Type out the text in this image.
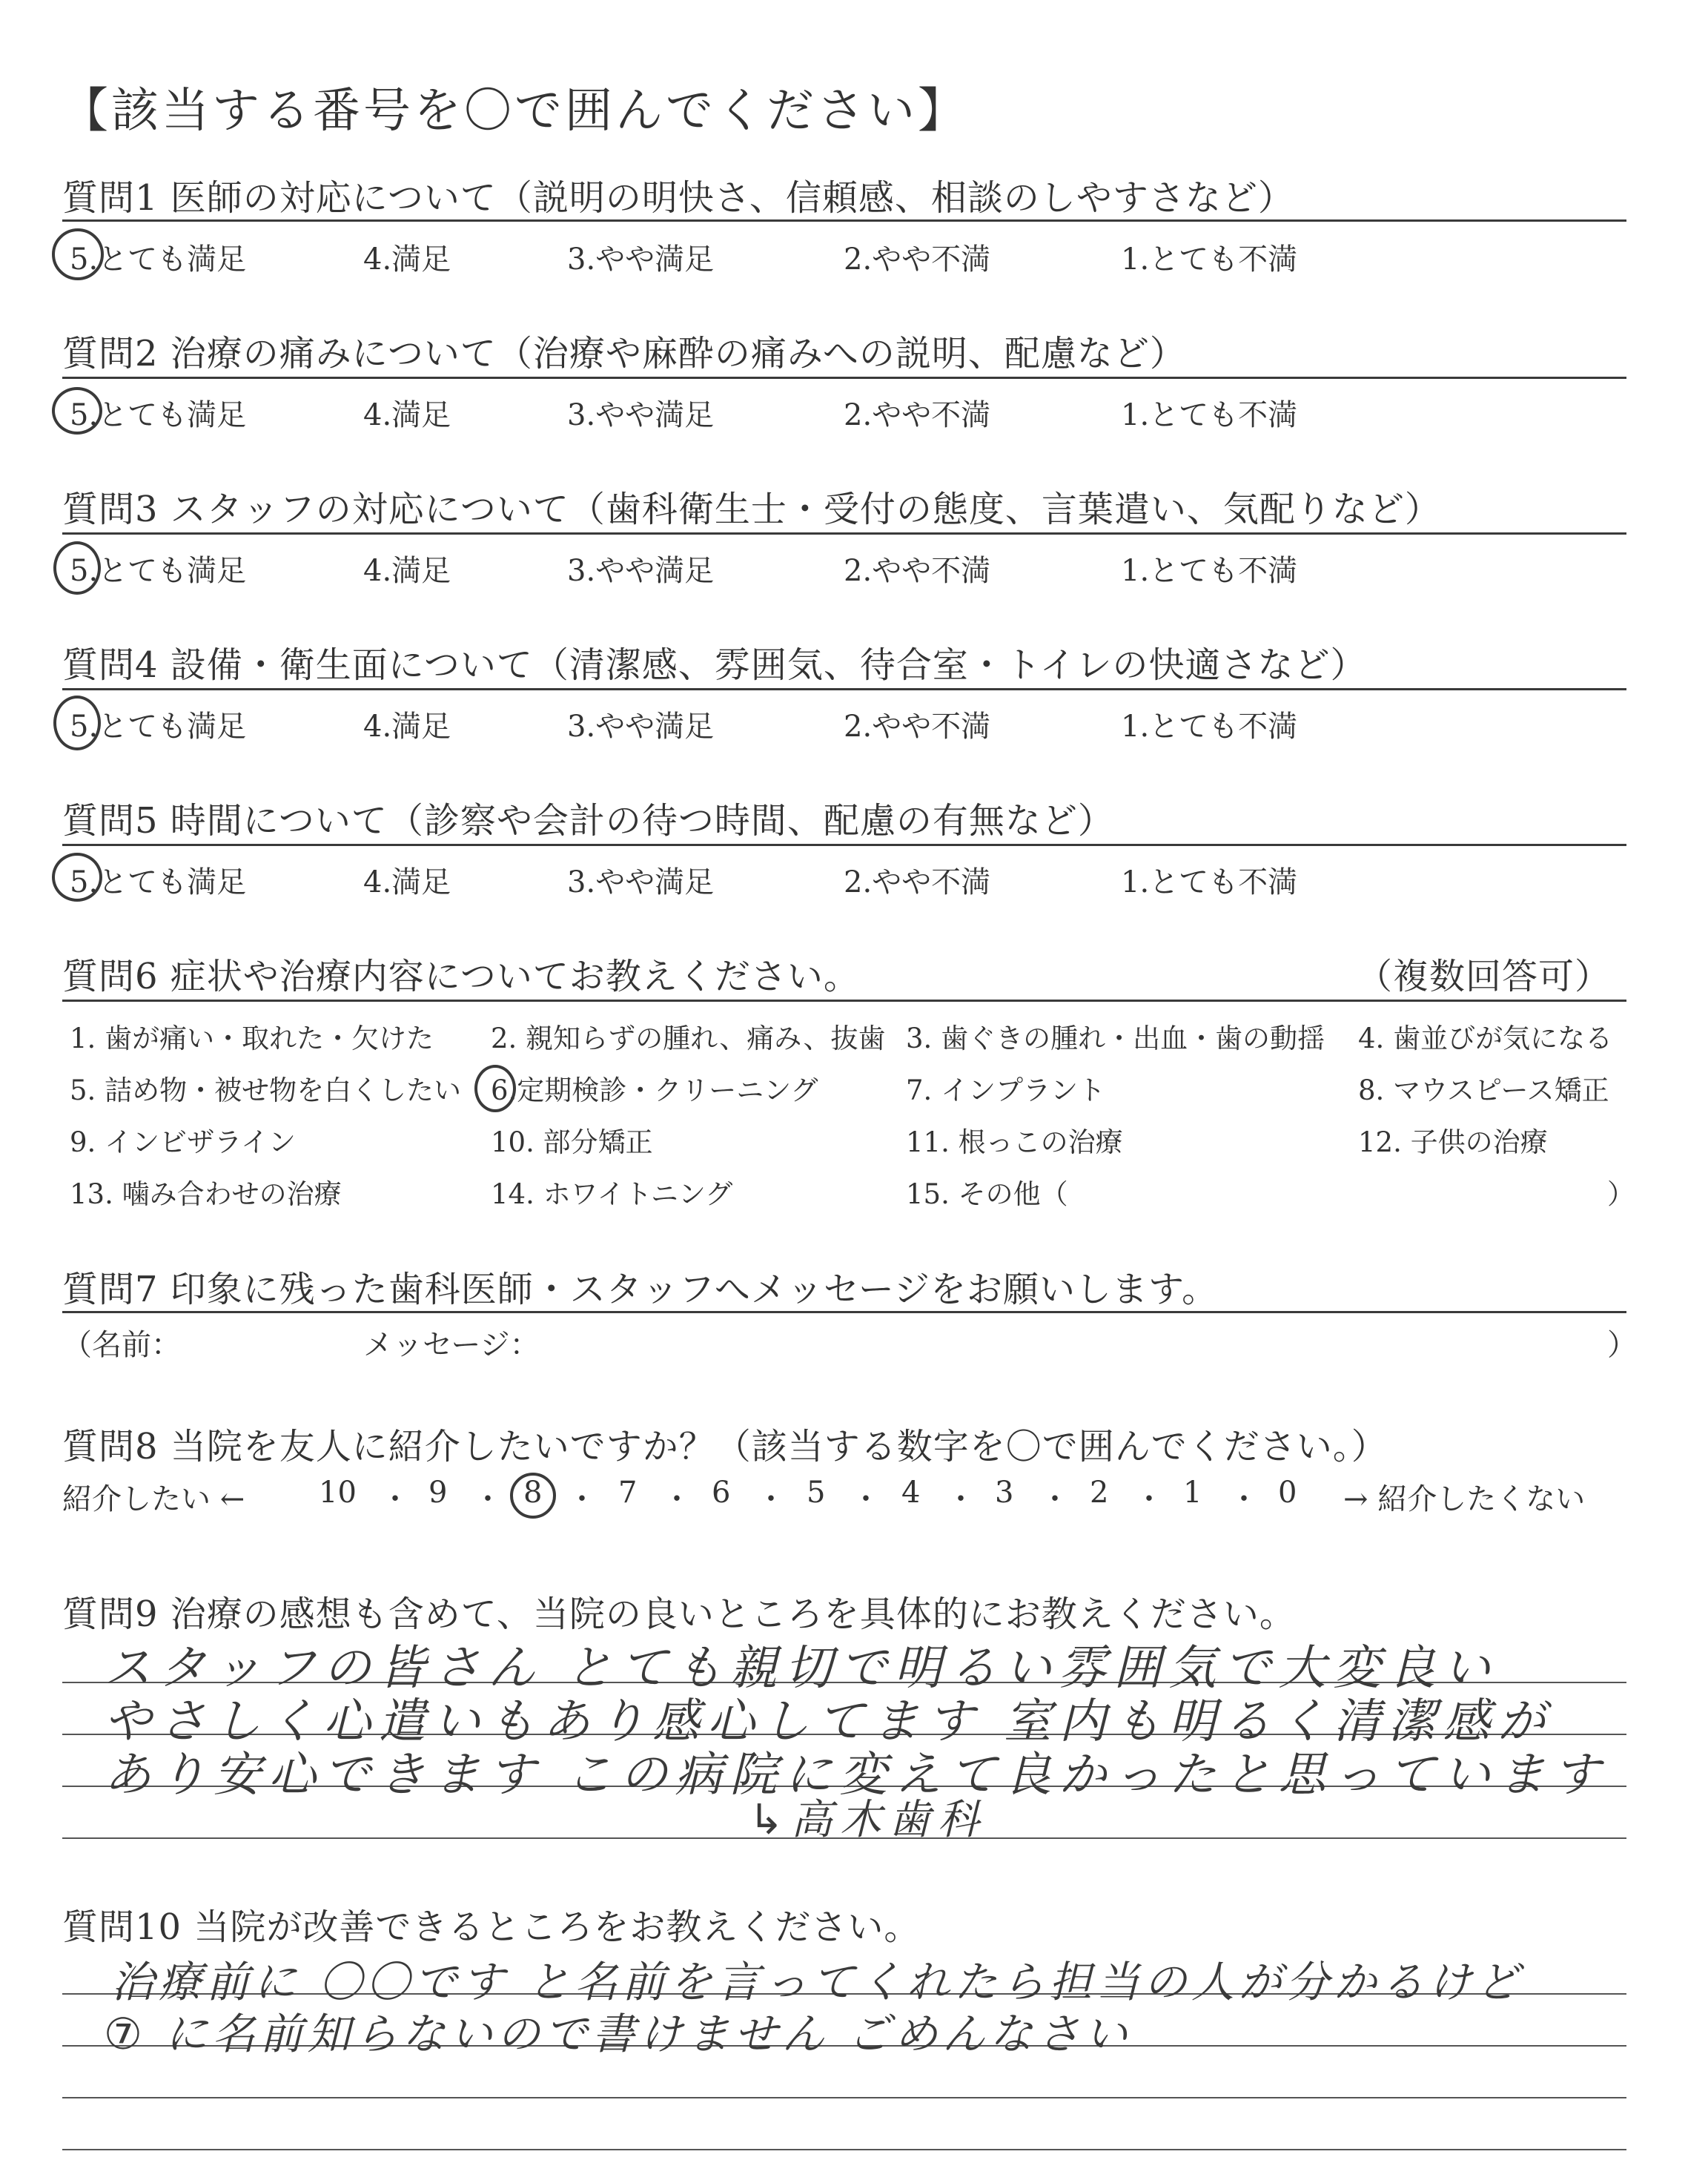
【該当する番号を〇で囲んでください】
質問1 医師の対応について（説明の明快さ、信頼感、相談のしやすさなど）
5.とても満足	4.満足	3.やや満足	2.やや不満	1.とても不満
質問2 治療の痛みについて（治療や麻酔の痛みへの説明、配慮など）
5.とても満足	4.満足	3.やや満足	2.やや不満	1.とても不満
質問3 スタッフの対応について（歯科衛生士・受付の態度、言葉遣い、気配りなど）
5.とても満足	4.満足	3.やや満足	2.やや不満	1.とても不満
質問4 設備・衛生面について（清潔感、雰囲気、待合室・トイレの快適さなど）
5.とても満足	4.満足	3.やや満足	2.やや不満	1.とても不満
質問5 時間について（診察や会計の待つ時間、配慮の有無など）
5.とても満足	4.満足	3.やや満足	2.やや不満	1.とても不満
質問6 症状や治療内容についてお教えください。	（複数回答可）
1. 歯が痛い・取れた・欠けた 2. 親知らずの腫れ、痛み、抜歯 3. 歯ぐきの腫れ・出血・歯の動揺 4. 歯並びが気になる
5. 詰め物・被せ物を白くしたい 6.定期検診・クリーニング	7. インプラント	8. マウスピース矯正
9. インビザライン	10. 部分矯正	11. 根っこの治療	12. 子供の治療
13. 噛み合わせの治療	14. ホワイトニング	15. その他（	）
質問7 印象に残った歯科医師・スタッフへメッセージをお願いします。
（名前：	メッセージ：	）
質問8 当院を友人に紹介したいですか？（該当する数字を〇で囲んでください。）
紹介したい ←	→ 紹介したくない
10 ・ 9 ・ 8 ・ 7 ・ 6 ・ 5 ・ 4 ・ 3 ・ 2 ・ 1 ・ 0
質問9 治療の感想も含めて、当院の良いところを具体的にお教えください。
スタッフの皆さん とても親切で明るい雰囲気で大変良い
やさしく心遣いもあり感心してます 室内も明るく清潔感が
あり安心できます この病院に変えて良かったと思っています
↳高木歯科
質問10 当院が改善できるところをお教えください。
治療前に 〇〇です と名前を言ってくれたら担当の人が分かるけど
⑦ に名前知らないので書けません ごめんなさい
